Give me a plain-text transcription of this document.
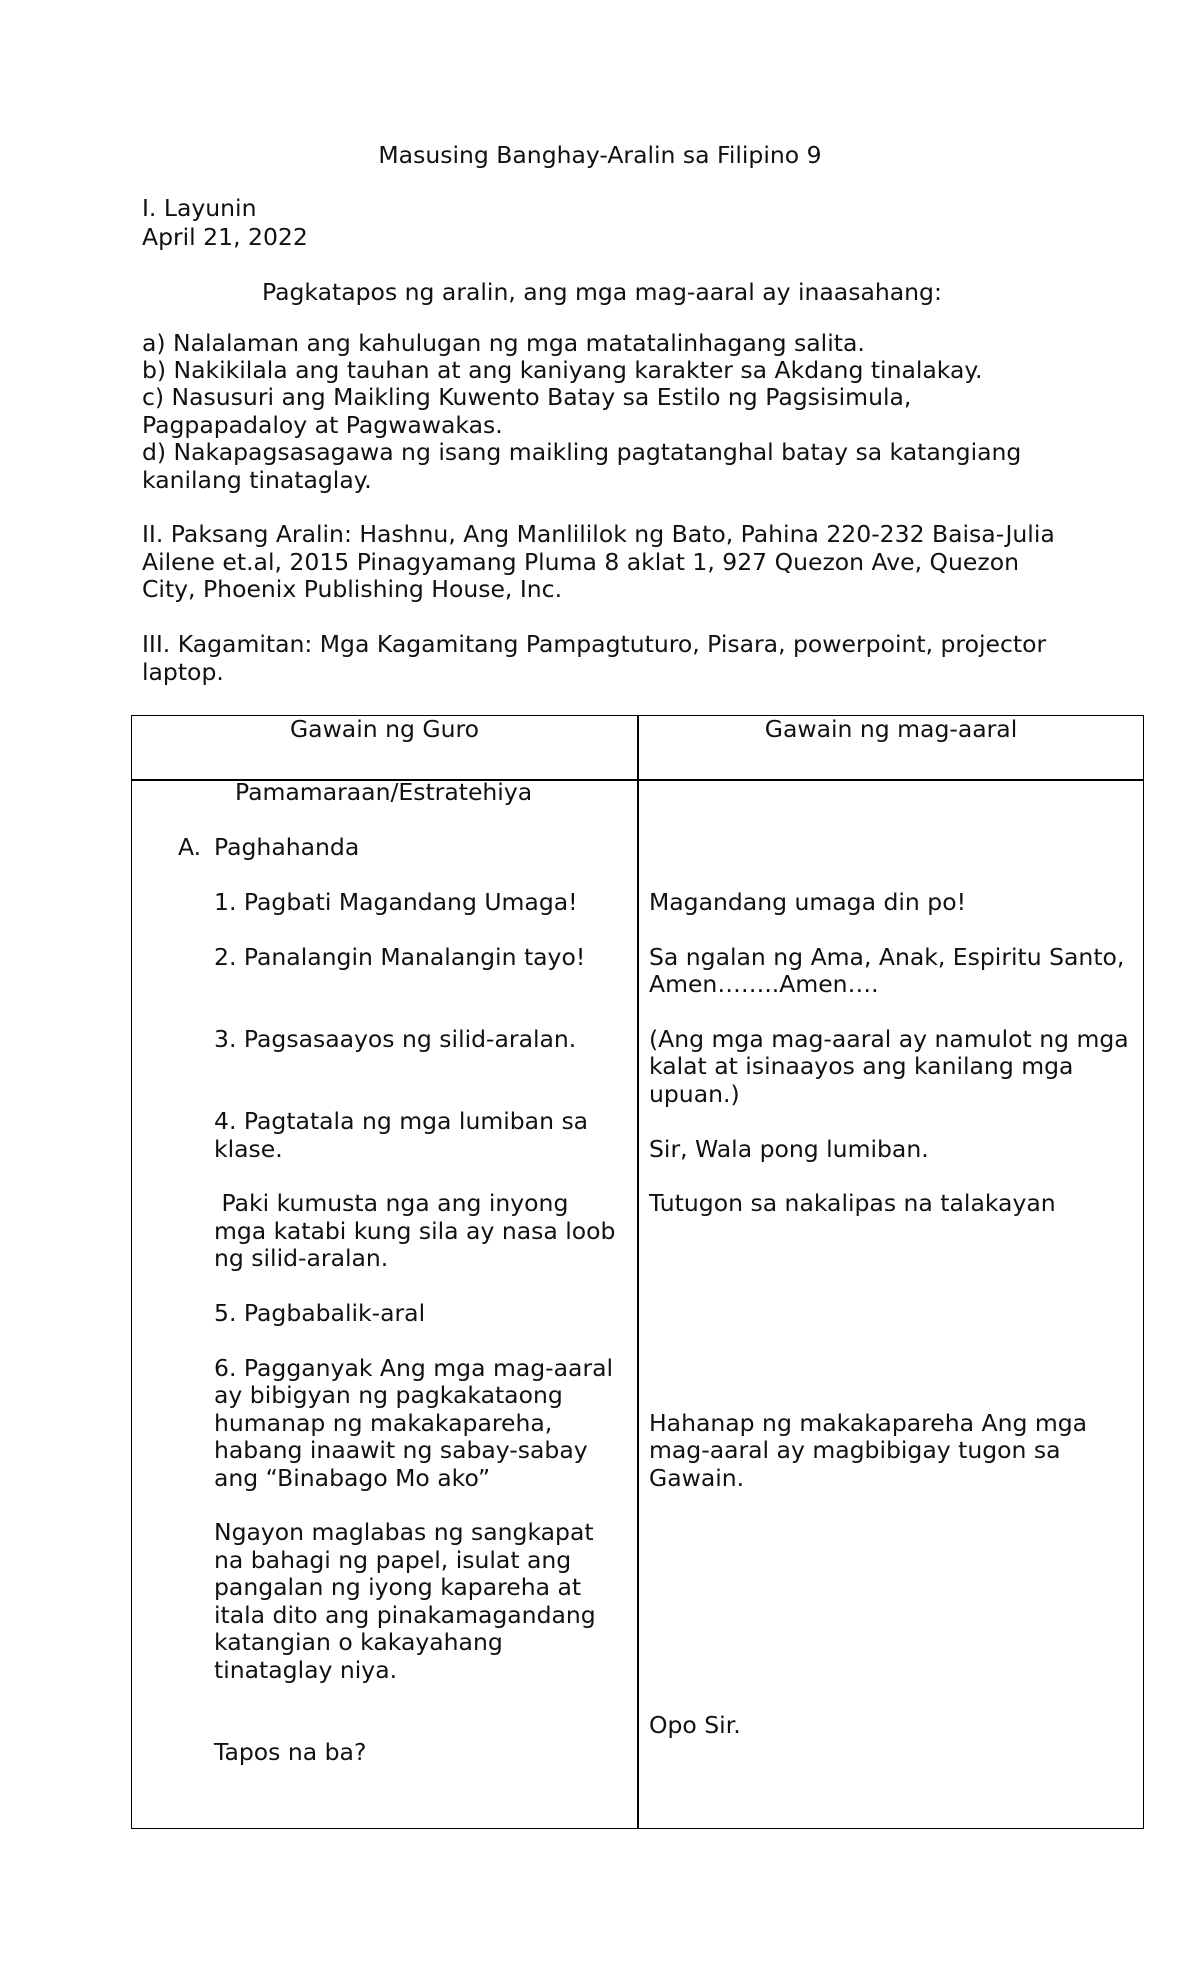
Masusing Banghay-Aralin sa Filipino 9
I. Layunin
April 21, 2022
Pagkatapos ng aralin, ang mga mag-aaral ay inaasahang:
a) Nalalaman ang kahulugan ng mga matatalinhagang salita.
b) Nakikilala ang tauhan at ang kaniyang karakter sa Akdang tinalakay.
c) Nasusuri ang Maikling Kuwento Batay sa Estilo ng Pagsisimula,
Pagpapadaloy at Pagwawakas.
d) Nakapagsasagawa ng isang maikling pagtatanghal batay sa katangiang
kanilang tinataglay.
II. Paksang Aralin: Hashnu, Ang Manlililok ng Bato, Pahina 220-232 Baisa-Julia
Ailene et.al, 2015 Pinagyamang Pluma 8 aklat 1, 927 Quezon Ave, Quezon
City, Phoenix Publishing House, Inc.
III. Kagamitan: Mga Kagamitang Pampagtuturo, Pisara, powerpoint, projector
laptop.
Gawain ng Guro	Gawain ng mag-aaral
Pamamaraan/Estratehiya
A. Paghahanda
1. Pagbati Magandang Umaga!
2. Panalangin Manalangin tayo!
3. Pagsasaayos ng silid-aralan.
4. Pagtatala ng mga lumiban sa
klase.
Paki kumusta nga ang inyong
mga katabi kung sila ay nasa loob
ng silid-aralan.
5. Pagbabalik-aral
6. Pagganyak Ang mga mag-aaral
ay bibigyan ng pagkakataong
humanap ng makakapareha,
habang inaawit ng sabay-sabay
ang “Binabago Mo ako”
Ngayon maglabas ng sangkapat
na bahagi ng papel, isulat ang
pangalan ng iyong kapareha at
itala dito ang pinakamagandang
katangian o kakayahang
tinataglay niya.
Tapos na ba?
Magandang umaga din po!
Sa ngalan ng Ama, Anak, Espiritu Santo,
Amen……..Amen….
(Ang mga mag-aaral ay namulot ng mga
kalat at isinaayos ang kanilang mga
upuan.)
Sir, Wala pong lumiban.
Tutugon sa nakalipas na talakayan
Hahanap ng makakapareha Ang mga
mag-aaral ay magbibigay tugon sa
Gawain.
Opo Sir.
